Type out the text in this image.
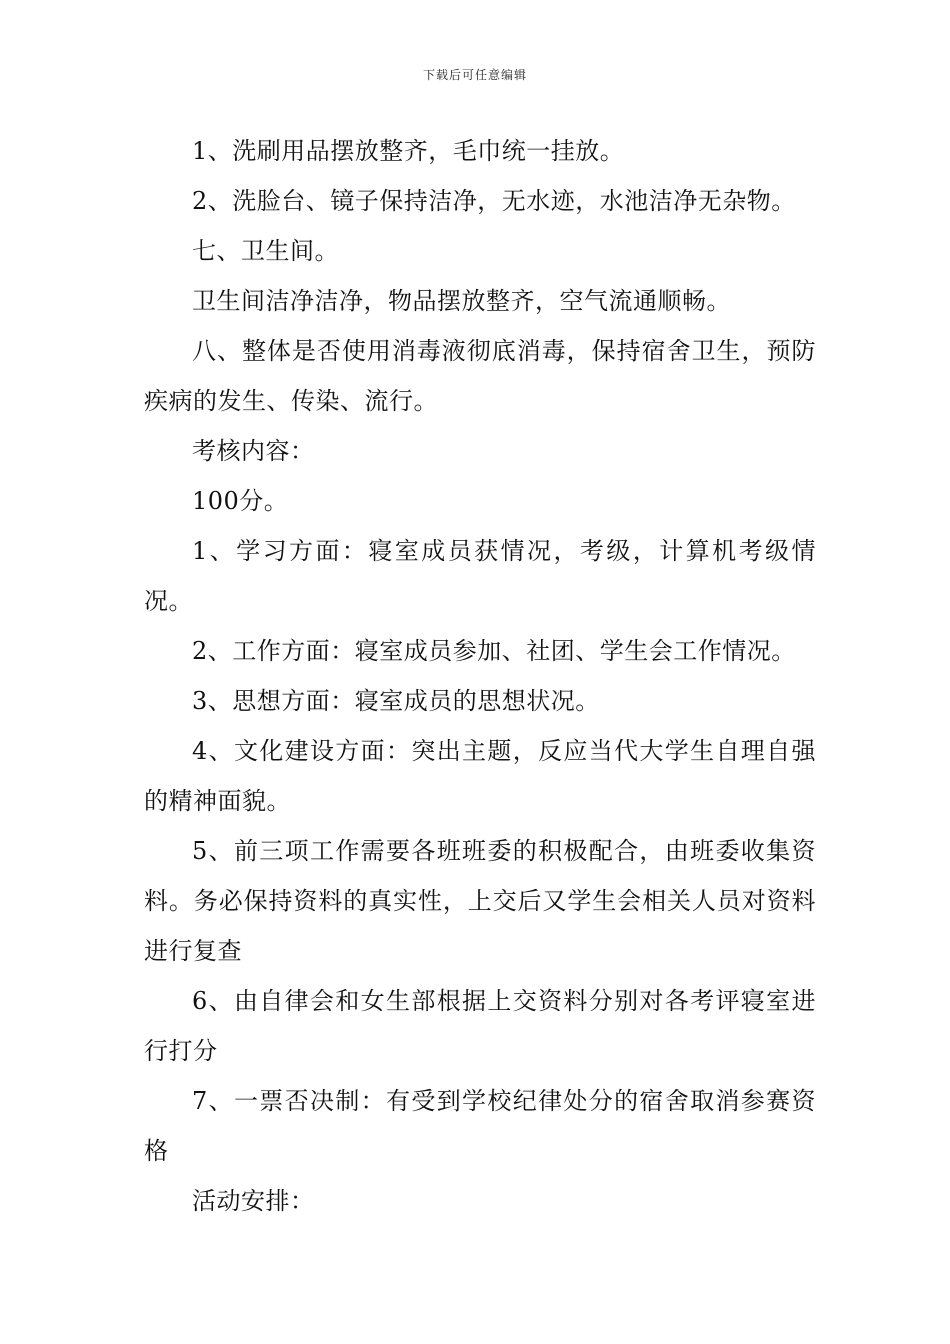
下载后可任意编辑

1、洗刷用品摆放整齐，毛巾统一挂放。

2、洗脸台、镜子保持洁净，无水迹，水池洁净无杂物。

七、卫生间。

卫生间洁净洁净，物品摆放整齐，空气流通顺畅。

八、整体是否使用消毒液彻底消毒，保持宿舍卫生，预防疾病的发生、传染、流行。

考核内容：

100分。

1、学习方面：寝室成员获情况，考级，计算机考级情况。

2、工作方面：寝室成员参加、社团、学生会工作情况。

3、思想方面：寝室成员的思想状况。

4、文化建设方面：突出主题，反应当代大学生自理自强的精神面貌。

5、前三项工作需要各班班委的积极配合，由班委收集资料。务必保持资料的真实性，上交后又学生会相关人员对资料进行复查

6、由自律会和女生部根据上交资料分别对各考评寝室进行打分

7、一票否决制：有受到学校纪律处分的宿舍取消参赛资格

活动安排：
